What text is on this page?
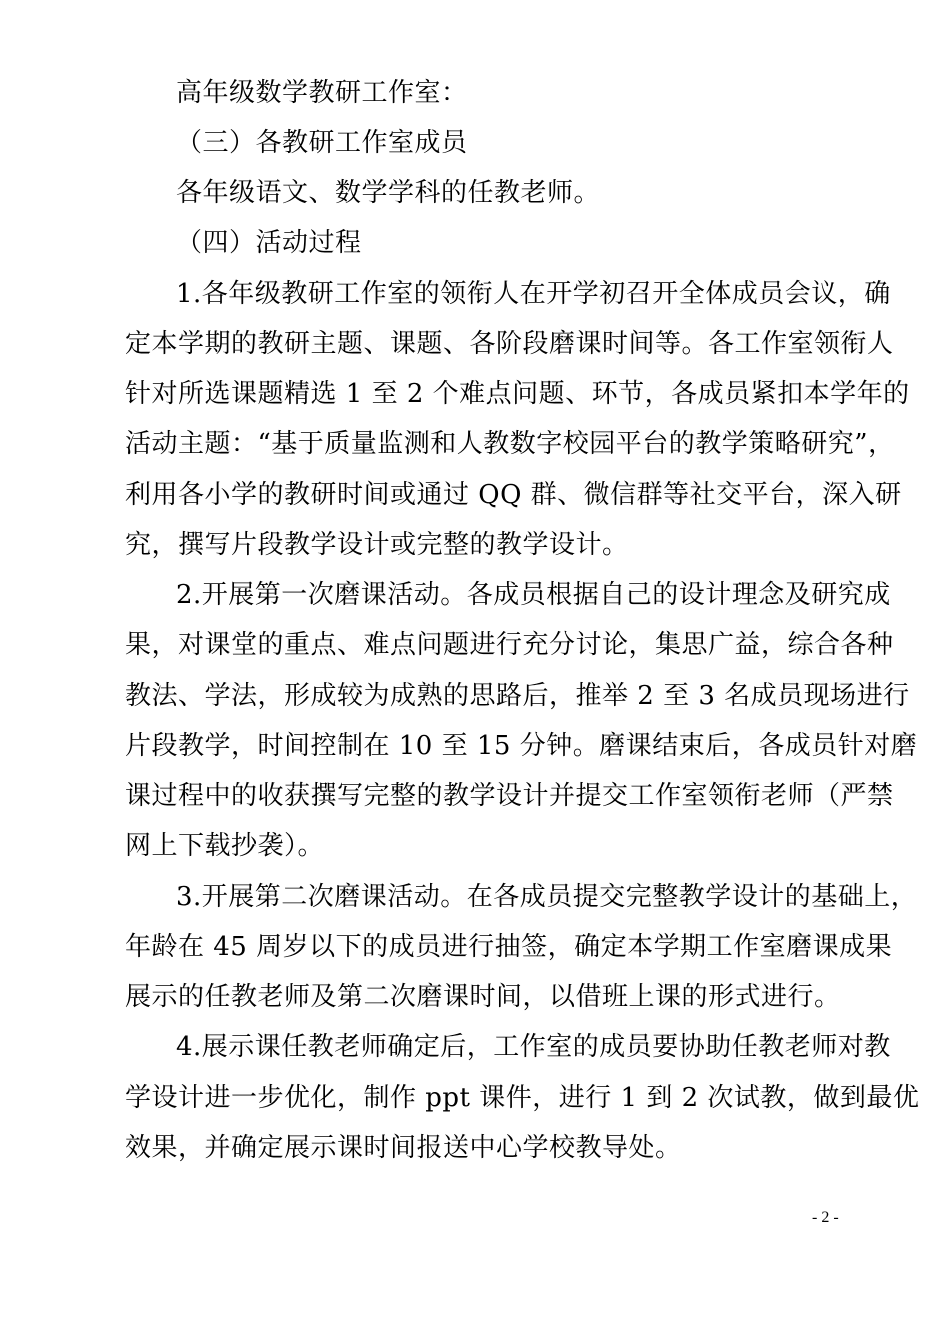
高年级数学教研工作室：
（三）各教研工作室成员
各年级语文、数学学科的任教老师。
（四）活动过程
1.各年级教研工作室的领衔人在开学初召开全体成员会议，确
定本学期的教研主题、课题、各阶段磨课时间等。各工作室领衔人
针对所选课题精选 1 至 2 个难点问题、环节，各成员紧扣本学年的
活动主题：“基于质量监测和人教数字校园平台的教学策略研究”，
利用各小学的教研时间或通过 QQ 群、微信群等社交平台，深入研
究，撰写片段教学设计或完整的教学设计。
2.开展第一次磨课活动。各成员根据自己的设计理念及研究成
果，对课堂的重点、难点问题进行充分讨论，集思广益，综合各种
教法、学法，形成较为成熟的思路后，推举 2 至 3 名成员现场进行
片段教学，时间控制在 10 至 15 分钟。磨课结束后，各成员针对磨
课过程中的收获撰写完整的教学设计并提交工作室领衔老师（严禁
网上下载抄袭）。
3.开展第二次磨课活动。在各成员提交完整教学设计的基础上，
年龄在 45 周岁以下的成员进行抽签，确定本学期工作室磨课成果
展示的任教老师及第二次磨课时间，以借班上课的形式进行。
4.展示课任教老师确定后，工作室的成员要协助任教老师对教
学设计进一步优化，制作 ppt 课件，进行 1 到 2 次试教，做到最优
效果，并确定展示课时间报送中心学校教导处。
- 2 -
